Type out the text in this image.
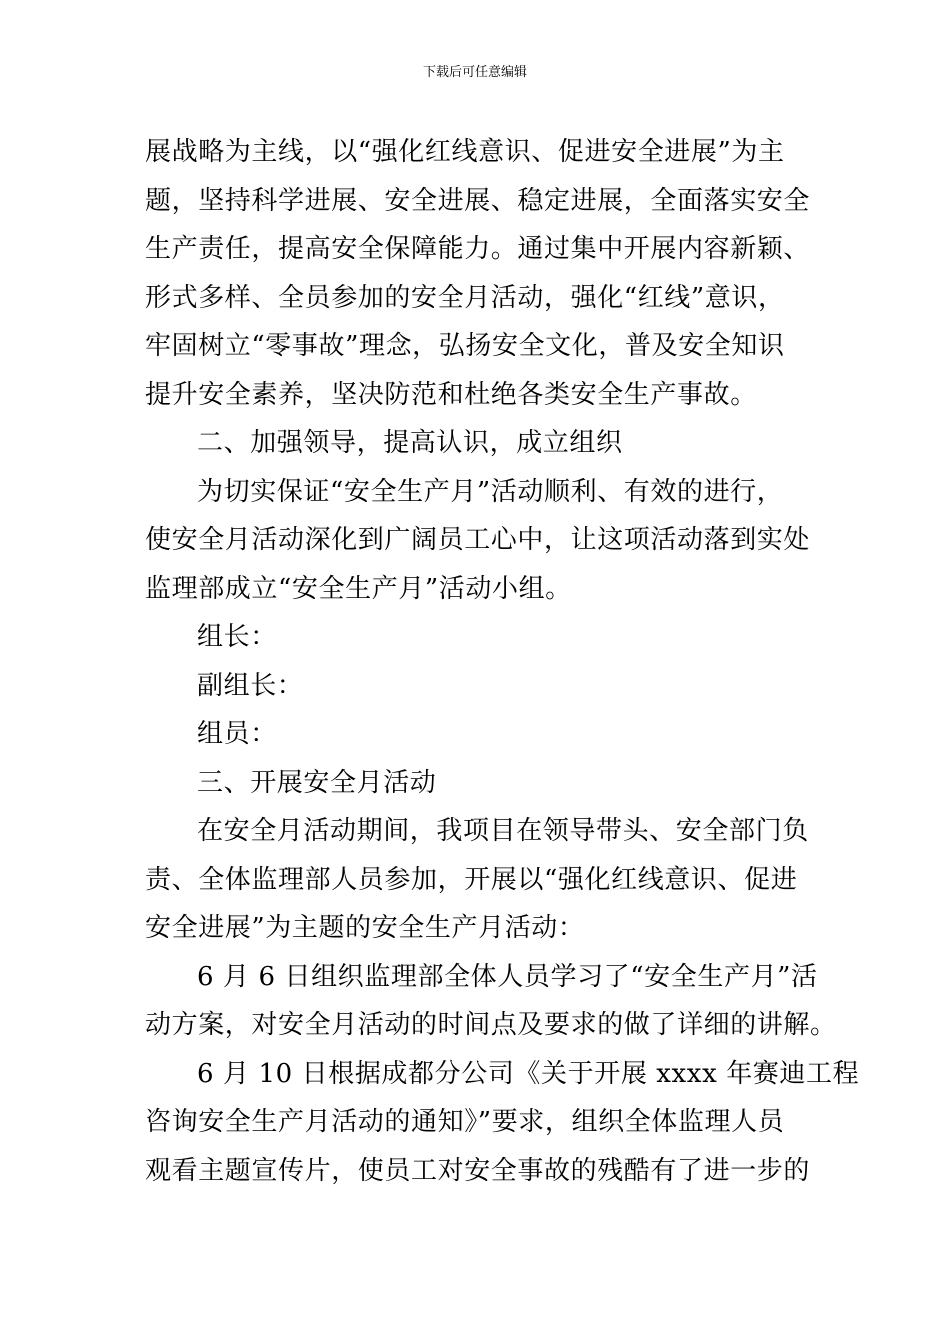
下载后可任意编辑
展战略为主线，以“强化红线意识、促进安全进展”为主
题，坚持科学进展、安全进展、稳定进展，全面落实安全
生产责任，提高安全保障能力。通过集中开展内容新颖、
形式多样、全员参加的安全月活动，强化“红线”意识，
牢固树立“零事故”理念，弘扬安全文化，普及安全知识
提升安全素养，坚决防范和杜绝各类安全生产事故。
二、加强领导，提高认识，成立组织
为切实保证“安全生产月”活动顺利、有效的进行，
使安全月活动深化到广阔员工心中，让这项活动落到实处
监理部成立“安全生产月”活动小组。
组长：
副组长：
组员：
三、开展安全月活动
在安全月活动期间，我项目在领导带头、安全部门负
责、全体监理部人员参加，开展以“强化红线意识、促进
安全进展”为主题的安全生产月活动：
6 月 6 日组织监理部全体人员学习了“安全生产月”活
动方案，对安全月活动的时间点及要求的做了详细的讲解。
6 月 10 日根据成都分公司《关于开展 xxxx 年赛迪工程
咨询安全生产月活动的通知》”要求，组织全体监理人员
观看主题宣传片，使员工对安全事故的残酷有了进一步的
